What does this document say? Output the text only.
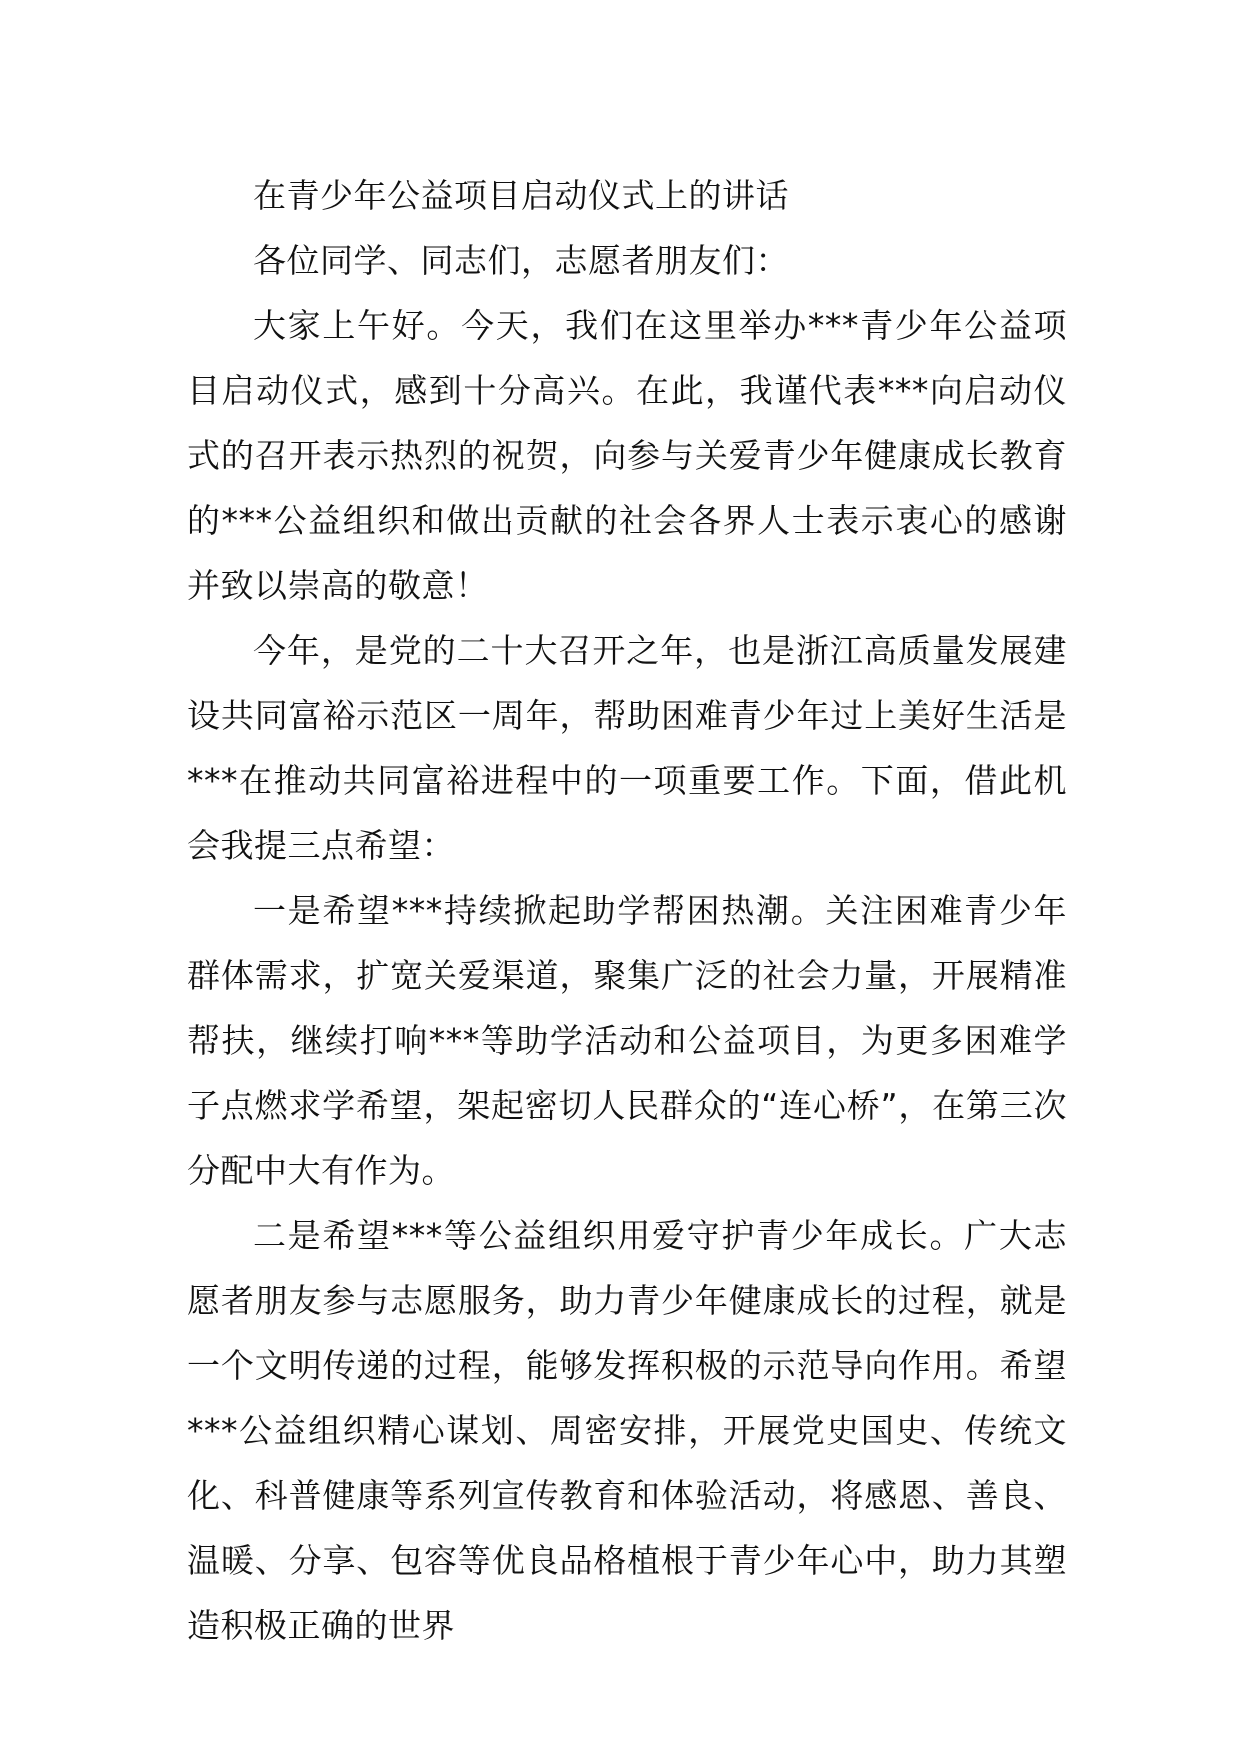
在青少年公益项目启动仪式上的讲话

各位同学、同志们，志愿者朋友们：

大家上午好。今天，我们在这里举办***青少年公益项目启动仪式，感到十分高兴。在此，我谨代表***向启动仪式的召开表示热烈的祝贺，向参与关爱青少年健康成长教育的***公益组织和做出贡献的社会各界人士表示衷心的感谢并致以崇高的敬意！

今年，是党的二十大召开之年，也是浙江高质量发展建设共同富裕示范区一周年，帮助困难青少年过上美好生活是***在推动共同富裕进程中的一项重要工作。下面，借此机会我提三点希望：

一是希望***持续掀起助学帮困热潮。关注困难青少年群体需求，扩宽关爱渠道，聚集广泛的社会力量，开展精准帮扶，继续打响***等助学活动和公益项目，为更多困难学子点燃求学希望，架起密切人民群众的“连心桥”，在第三次分配中大有作为。

二是希望***等公益组织用爱守护青少年成长。广大志愿者朋友参与志愿服务，助力青少年健康成长的过程，就是一个文明传递的过程，能够发挥积极的示范导向作用。希望***公益组织精心谋划、周密安排，开展党史国史、传统文化、科普健康等系列宣传教育和体验活动，将感恩、善良、温暖、分享、包容等优良品格植根于青少年心中，助力其塑造积极正确的世界
